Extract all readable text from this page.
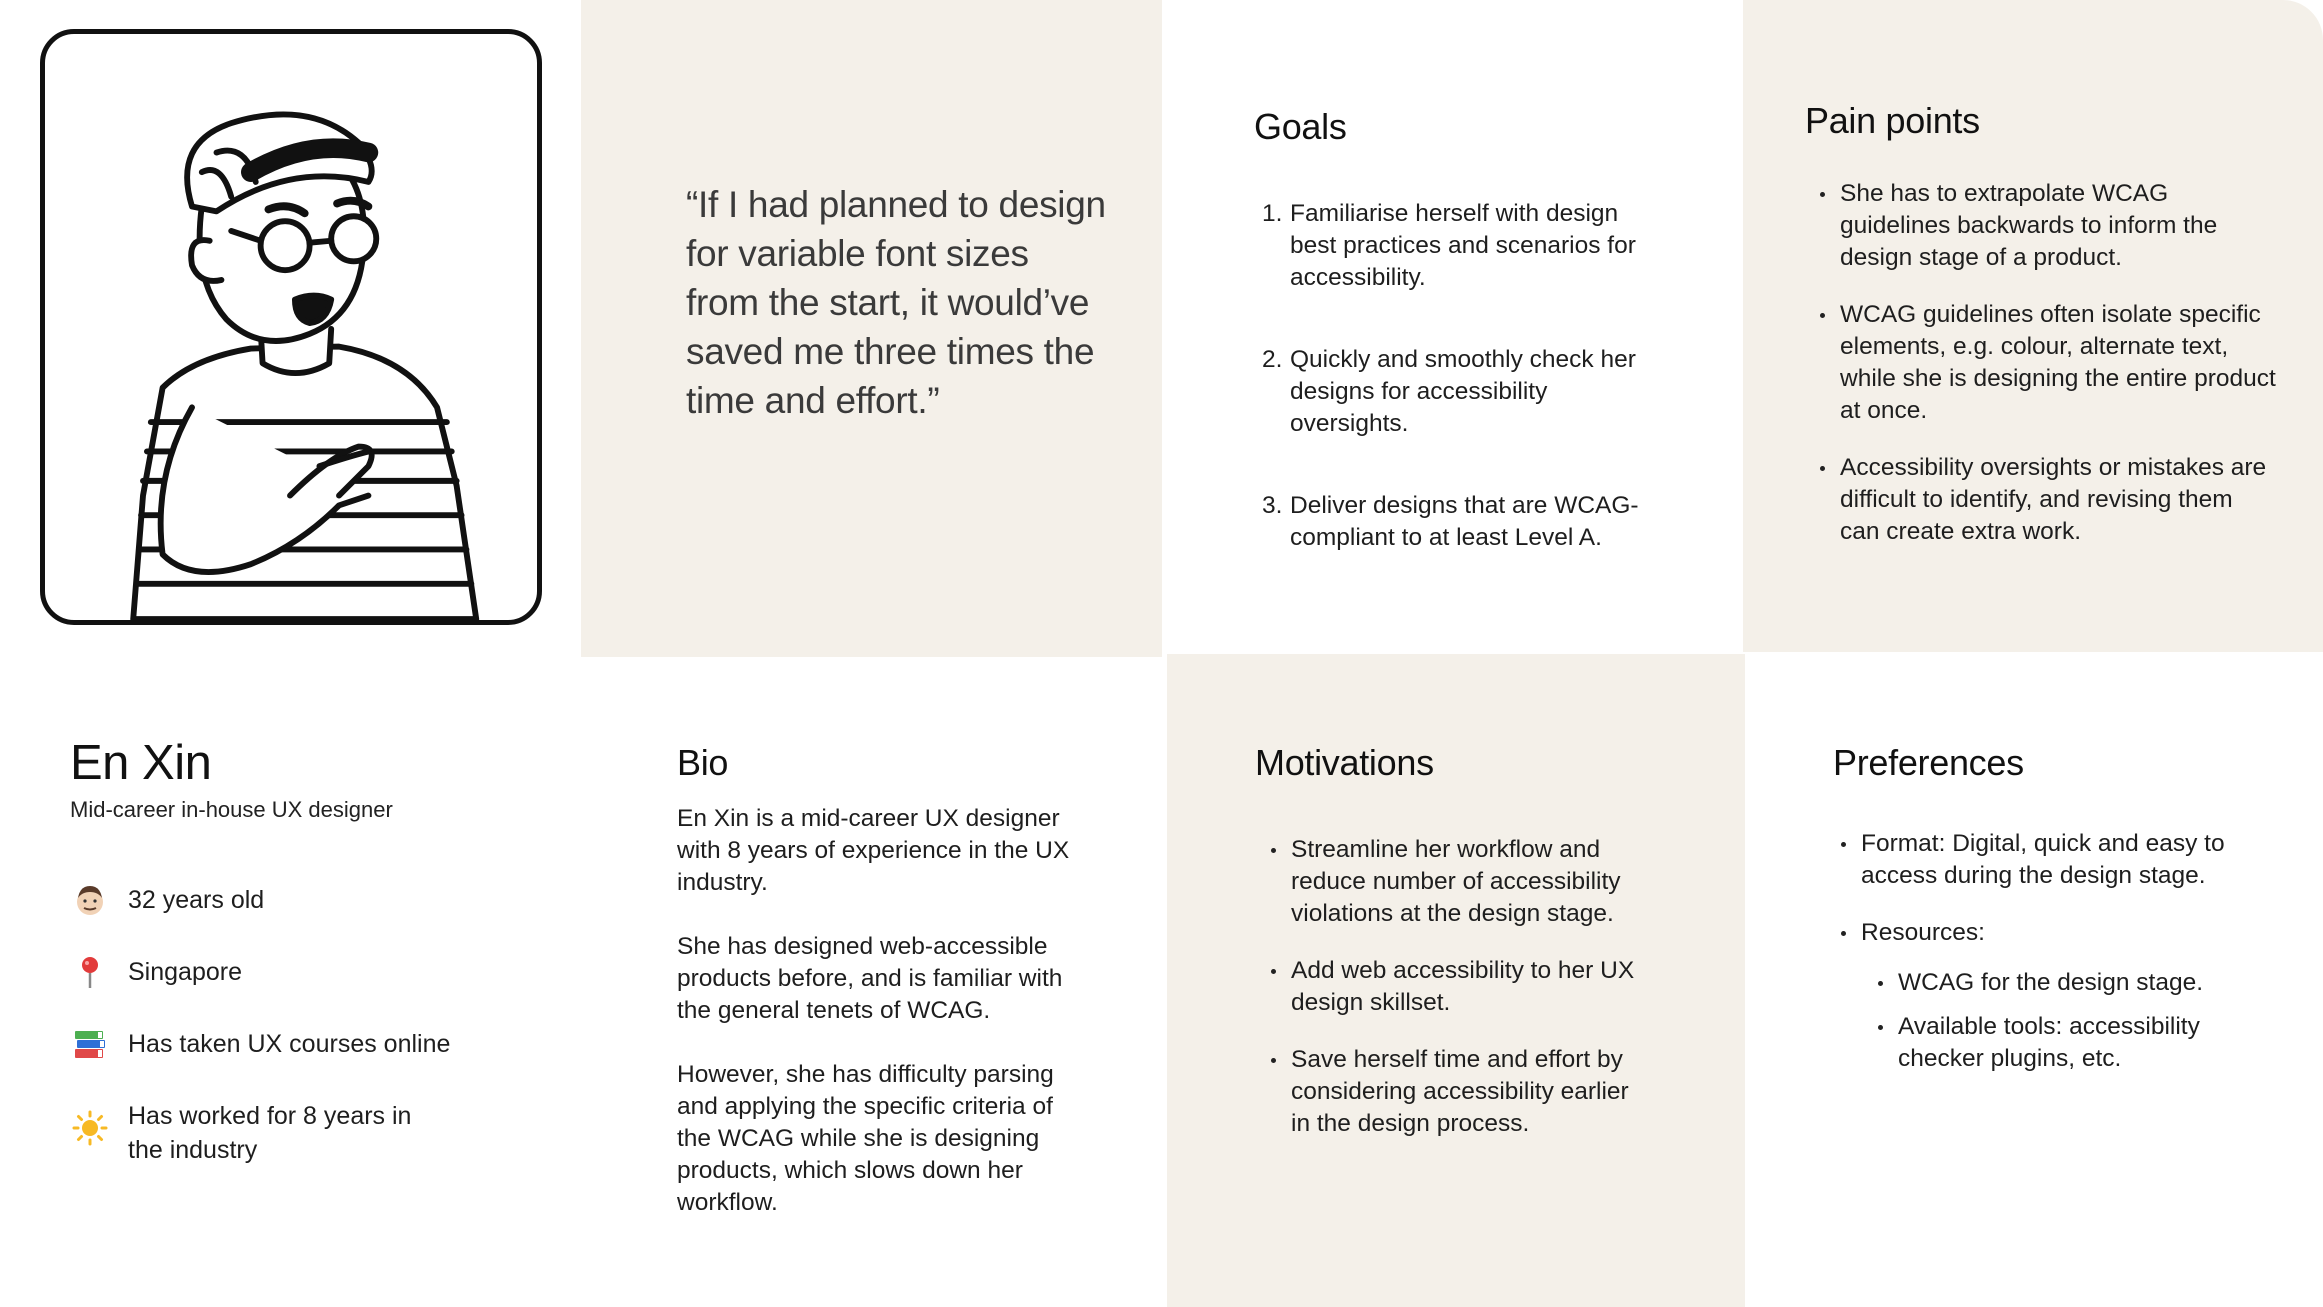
“If I had planned to design for variable font sizes from the start, it would’ve saved me three times the time and effort.”
Goals
1. Familiarise herself with design best practices and scenarios for accessibility.
2. Quickly and smoothly check her designs for accessibility oversights.
3. Deliver designs that are WCAG-compliant to at least Level A.
Pain points
She has to extrapolate WCAG guidelines backwards to inform the design stage of a product.
WCAG guidelines often isolate specific elements, e.g. colour, alternate text, while she is designing the entire product at once.
Accessibility oversights or mistakes are difficult to identify, and revising them can create extra work.
En Xin
Mid-career in-house UX designer
32 years old
Singapore
Has taken UX courses online
Has worked for 8 years in the industry
Bio

En Xin is a mid-career UX designer with 8 years of experience in the UX industry.

She has designed web-accessible products before, and is familiar with the general tenets of WCAG.

However, she has difficulty parsing and applying the specific criteria of the WCAG while she is designing products, which slows down her workflow.

Motivations
Streamline her workflow and reduce number of accessibility violations at the design stage.
Add web accessibility to her UX design skillset.
Save herself time and effort by considering accessibility earlier in the design process.
Preferences
Format: Digital, quick and easy to access during the design stage.
Resources:
WCAG for the design stage.
Available tools: accessibility checker plugins, etc.
